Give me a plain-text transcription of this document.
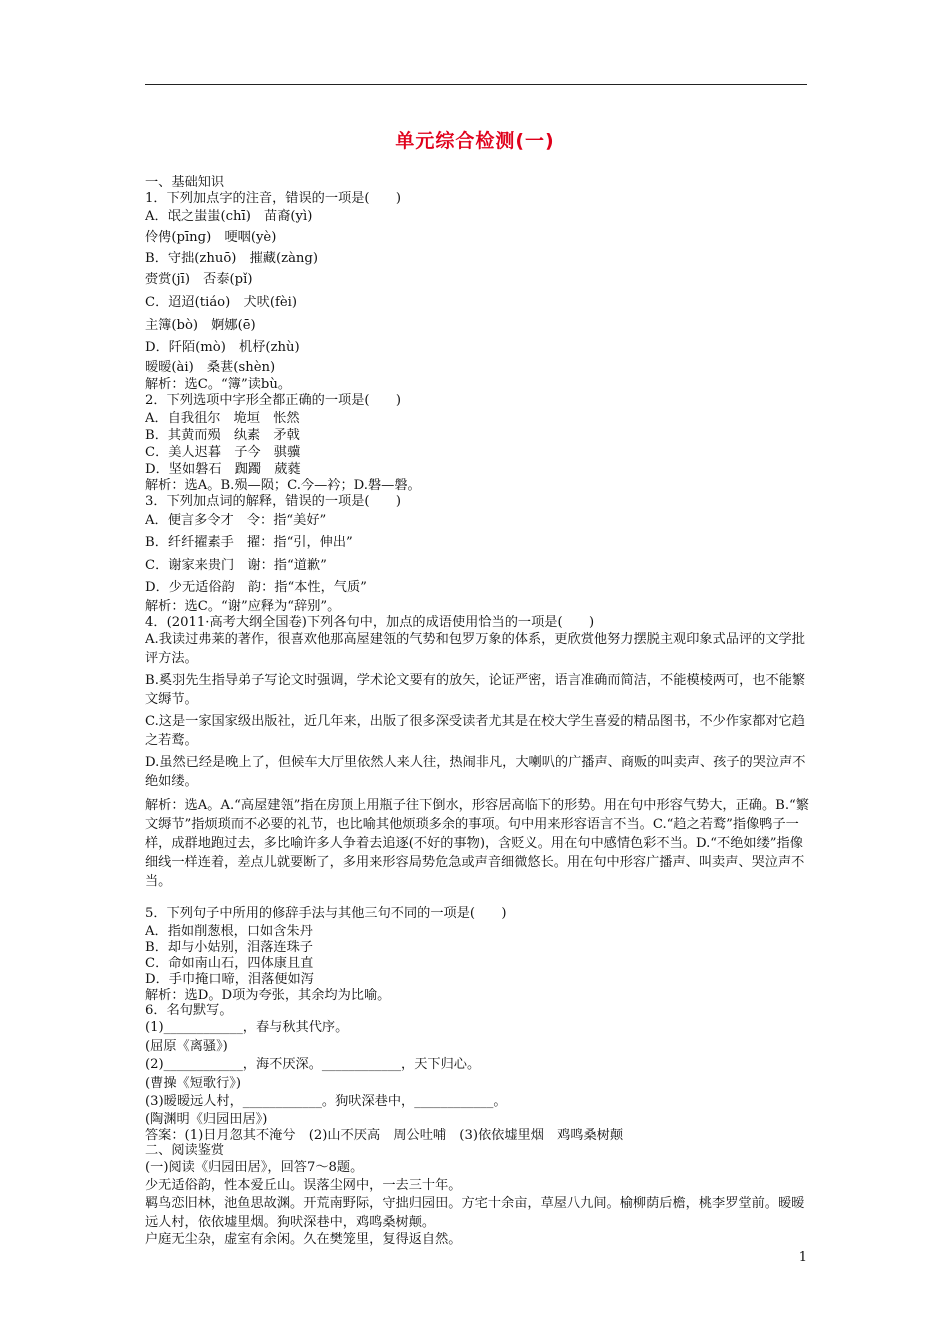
单元综合检测(一)
一、基础知识
1．下列加点字的注音，错误的一项是(　　)
A．氓之蚩蚩(chī)　苗裔(yì)
伶俜(pīnɡ)　哽咽(yè)
B．守拙(zhuō)　摧藏(zàng)
赍赏(jī)　否泰(pǐ)
C．迢迢(tiáo)　犬吠(fèi)
主簿(bò)　婀娜(ē)
D．阡陌(mò)　机杼(zhù)
暧暧(ài)　桑葚(shèn)
解析：选C。“簿”读bù。
2．下列选项中字形全都正确的一项是(　　)
A．自我徂尔　垝垣　怅然
B．其黄而殒　纨素　矛戟
C．美人迟暮　子今　骐骥
D．坚如磐石　踟躅　葳蕤
解析：选A。B.殒—陨；C.今—衿；D.磐—磐。
3．下列加点词的解释，错误的一项是(　　)
A．便言多令才　令：指“美好”
B．纤纤擢素手　擢：指“引，伸出”
C．谢家来贵门　谢：指“道歉”
D．少无适俗韵　韵：指“本性，气质”
解析：选C。“谢”应释为“辞别”。
4．(2011·高考大纲全国卷)下列各句中，加点的成语使用恰当的一项是(　　)
A.我读过弗莱的著作，很喜欢他那高屋建瓴的气势和包罗万象的体系，更欣赏他努力摆脱主观印象式品评的文学批评方法。
B.奚羽先生指导弟子写论文时强调，学术论文要有的放矢，论证严密，语言准确而简洁，不能模棱两可，也不能繁文缛节。
C.这是一家国家级出版社，近几年来，出版了很多深受读者尤其是在校大学生喜爱的精品图书，不少作家都对它趋之若鹜。
D.虽然已经是晚上了，但候车大厅里依然人来人往，热闹非凡，大喇叭的广播声、商贩的叫卖声、孩子的哭泣声不绝如缕。
解析：选A。A.“高屋建瓴”指在房顶上用瓶子往下倒水，形容居高临下的形势。用在句中形容气势大，正确。B.“繁文缛节”指烦琐而不必要的礼节，也比喻其他烦琐多余的事项。句中用来形容语言不当。C.“趋之若鹜”指像鸭子一样，成群地跑过去，多比喻许多人争着去追逐(不好的事物)，含贬义。用在句中感情色彩不当。D.“不绝如缕”指像细线一样连着，差点儿就要断了，多用来形容局势危急或声音细微悠长。用在句中形容广播声、叫卖声、哭泣声不当。
5．下列句子中所用的修辞手法与其他三句不同的一项是(　　)
A．指如削葱根，口如含朱丹
B．却与小姑别，泪落连珠子
C．命如南山石，四体康且直
D．手巾掩口啼，泪落便如泻
解析：选D。D项为夸张，其余均为比喻。
6．名句默写。
(1)____________，春与秋其代序。
(屈原《离骚》)
(2)____________，海不厌深。____________，天下归心。
(曹操《短歌行》)
(3)暧暧远人村，____________。狗吠深巷中，____________。
(陶渊明《归园田居》)
答案：(1)日月忽其不淹兮　(2)山不厌高　周公吐哺　(3)依依墟里烟　鸡鸣桑树颠
二、阅读鉴赏
(一)阅读《归园田居》，回答7～8题。
少无适俗韵，性本爱丘山。误落尘网中，一去三十年。
羁鸟恋旧林，池鱼思故渊。开荒南野际，守拙归园田。方宅十余亩，草屋八九间。榆柳荫后檐，桃李罗堂前。暧暧远人村，依依墟里烟。狗吠深巷中，鸡鸣桑树颠。
户庭无尘杂，虚室有余闲。久在樊笼里，复得返自然。
1
